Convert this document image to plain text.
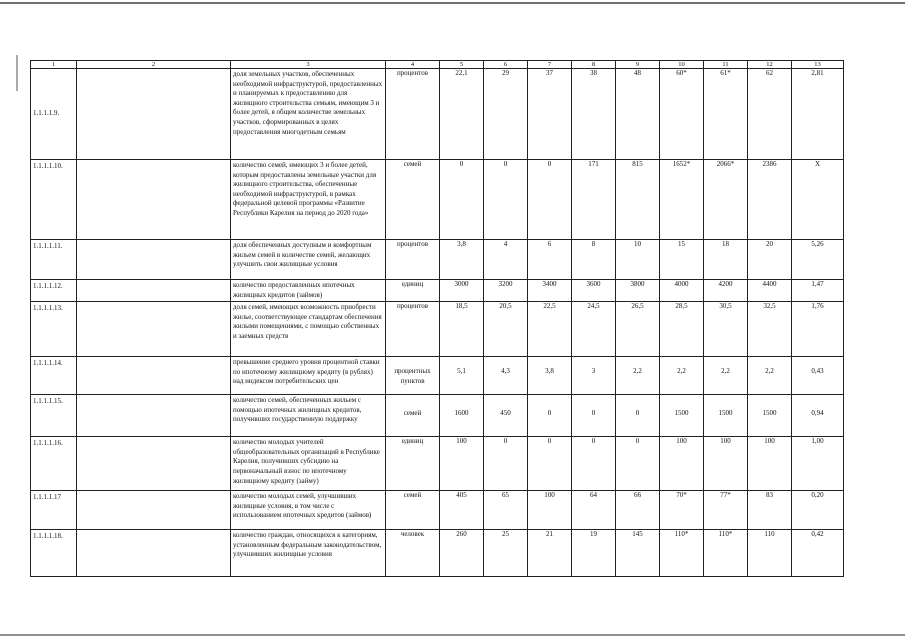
1	2	3	4	5	6	7	8	9	10	11	12	13
1.1.1.1.9.		доля земельных участков, обеспеченных необходимой инфраструктурой, предоставленных и планируемых к предоставлению для жилищного строительства семьям, имеющим 3 и более детей, в общем количестве земельных участков, сформированных в целях предоставления многодетным семьям	процентов	22,1	29	37	38	48	60*	61*	62	2,81
1.1.1.1.10.		количество семей, имеющих 3 и более детей, которым предоставлены земельные участки для жилищного строительства, обеспеченные необходимой инфраструктурой, в рамках федеральной целевой программы «Развитие Республики Карелия на период до 2020 года»	семей	0	0	0	171	815	1652*	2066*	2386	X
1.1.1.1.11.		доля обеспеченных доступным и комфортным жильем семей в количестве семей, желающих улучшить свои жилищные условия	процентов	3,8	4	6	8	10	15	18	20	5,26
1.1.1.1.12.		количество предоставленных ипотечных жилищных кредитов (займов)	единиц	3000	3200	3400	3600	3800	4000	4200	4400	1,47
1.1.1.1.13.		доля семей, имеющих возможность приобрести жилье, соответствующее стандартам обеспечения жилыми помещениями, с помощью собственных и заемных средств	процентов	18,5	20,5	22,5	24,5	26,5	28,5	30,5	32,5	1,76
1.1.1.1.14.		превышение среднего уровня процентной ставки по ипотечному жилищному кредиту (в рублях) над индексом потребительских цен	процентных пунктов	5,1	4,3	3,8	3	2,2	2,2	2,2	2,2	0,43
1.1.1.1.15.		количество семей, обеспеченных жильем с помощью ипотечных жилищных кредитов, получивших государственную поддержку	семей	1600	450	0	0	0	1500	1500	1500	0,94
1.1.1.1.16.		количество молодых учителей общеобразовательных организаций в Республике Карелия, получивших субсидию на первоначальный взнос по ипотечному жилищному кредиту (займу)	единиц	100	0	0	0	0	100	100	100	1,00
1.1.1.1.17		количество молодых семей, улучшивших жилищные условия, в том числе с использованием ипотечных кредитов (займов)	семей	405	65	100	64	66	70*	77*	83	0,20
1.1.1.1.18.		количество граждан, относящихся к категориям, установленным федеральным законодательством, улучшивших жилищные условия	человек	260	25	21	19	145	110*	110*	110	0,42
